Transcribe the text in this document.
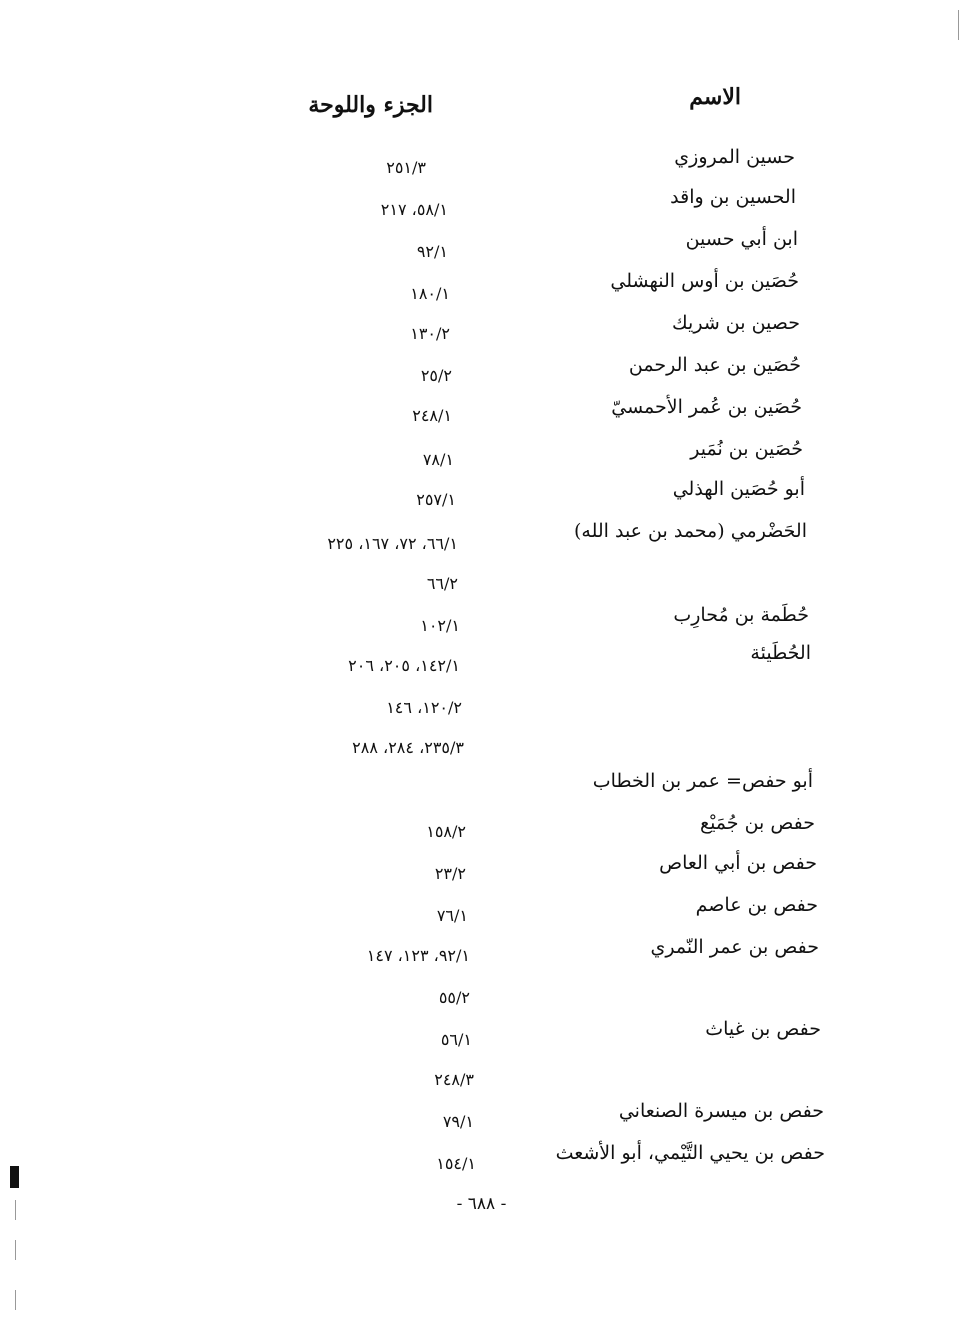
الاسم
الجزء واللوحة
حسين المروزي
الحسين بن واقد
ابن أبي حسين
حُصَين بن أوس النهشلي
حصين بن شريك
حُصَين بن عبد الرحمن
حُصَين بن عُمر الأحمسيّ
حُصَين بن نُمَير
أبو حُصَين الهذلي
الحَضْرمي (محمد بن عبد الله)
حُطَمة بن مُحارِب
الحُطَيئة
أبو حفص= عمر بن الخطاب
حفص بن جُمَيْع
حفص بن أبي العاص
حفص بن عاصم
حفص بن عمر النّمري
حفص بن غياث
حفص بن ميسرة الصنعاني
حفص بن يحيي التَّيْمي، أبو الأشعث
٢٥١/٣
٥٨/١، ٢١٧
٩٢/١
١٨٠/١
١٣٠/٢
٢٥/٢
٢٤٨/١
٧٨/١
٢٥٧/١
٦٦/١، ٧٢، ١٦٧، ٢٢٥
٦٦/٢
١٠٢/١
١٤٢/١، ٢٠٥، ٢٠٦
١٢٠/٢، ١٤٦
٢٣٥/٣، ٢٨٤، ٢٨٨
١٥٨/٢
٢٣/٢
٧٦/١
٩٢/١، ١٢٣، ١٤٧
٥٥/٢
٥٦/١
٢٤٨/٣
٧٩/١
١٥٤/١
- ٦٨٨ -
